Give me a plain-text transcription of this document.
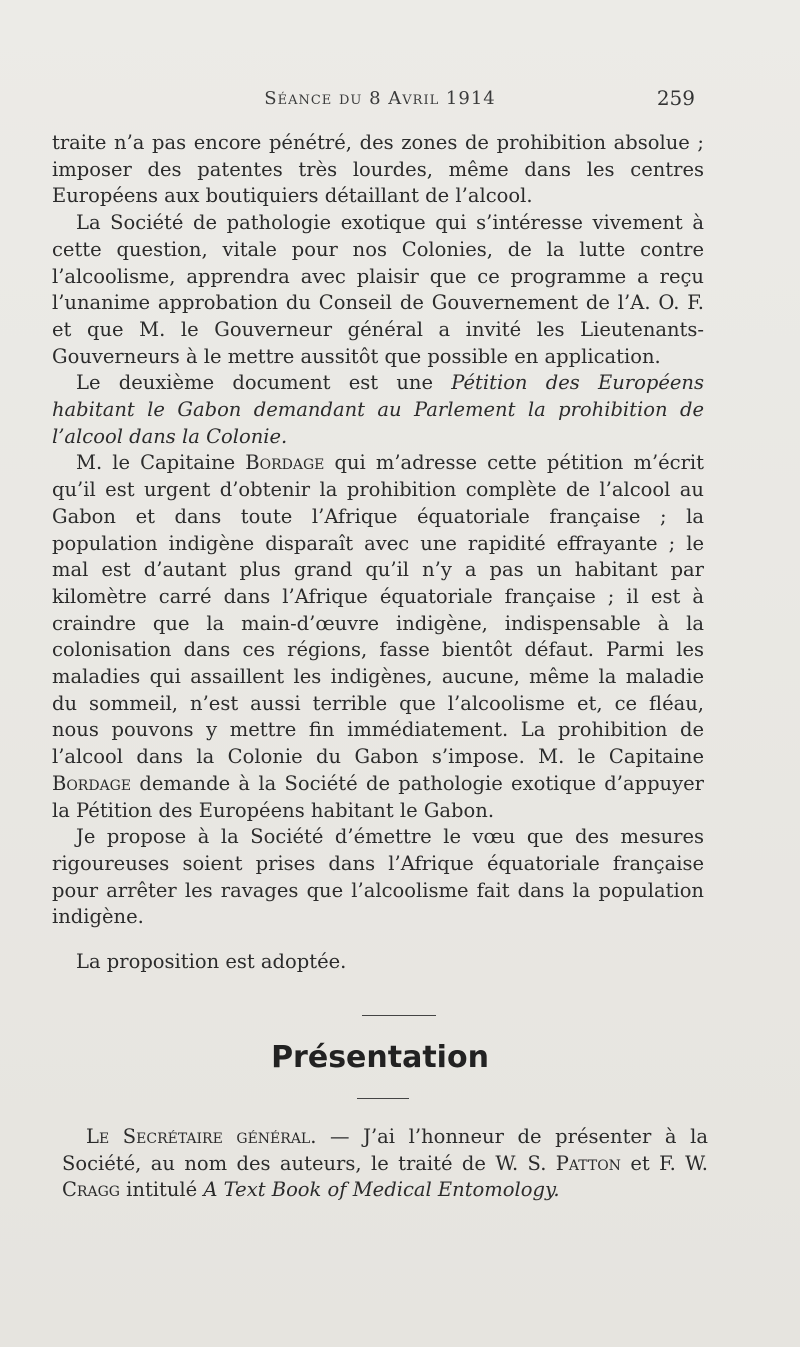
Séance du 8 Avril 1914	259

traite n’a pas encore pénétré, des zones de prohibition absolue ; imposer des patentes très lourdes, même dans les centres Européens aux boutiquiers détaillant de l’alcool.

La Société de pathologie exotique qui s’intéresse vivement à cette question, vitale pour nos Colonies, de la lutte contre l’alcoolisme, apprendra avec plaisir que ce programme a reçu l’unanime approbation du Conseil de Gouvernement de l’A. O. F. et que M. le Gouverneur général a invité les Lieutenants-Gouverneurs à le mettre aussitôt que possible en application.

Le deuxième document est une Pétition des Européens habitant le Gabon demandant au Parlement la prohibition de l’alcool dans la Colonie.

M. le Capitaine Bordage qui m’adresse cette pétition m’écrit qu’il est urgent d’obtenir la prohibition complète de l’alcool au Gabon et dans toute l’Afrique équatoriale française ; la population indigène disparaît avec une rapidité effrayante ; le mal est d’autant plus grand qu’il n’y a pas un habitant par kilomètre carré dans l’Afrique équatoriale française ; il est à craindre que la main-d’œuvre indigène, indispensable à la colonisation dans ces régions, fasse bientôt défaut. Parmi les maladies qui assaillent les indigènes, aucune, même la maladie du sommeil, n’est aussi terrible que l’alcoolisme et, ce fléau, nous pouvons y mettre fin immédiatement. La prohibition de l’alcool dans la Colonie du Gabon s’impose. M. le Capitaine Bordage demande à la Société de pathologie exotique d’appuyer la Pétition des Européens habitant le Gabon.

Je propose à la Société d’émettre le vœu que des mesures rigoureuses soient prises dans l’Afrique équatoriale française pour arrêter les ravages que l’alcoolisme fait dans la population indigène.

La proposition est adoptée.

Présentation

Le Secrétaire général. — J’ai l’honneur de présenter à la Société, au nom des auteurs, le traité de W. S. Patton et F. W. Cragg intitulé A Text Book of Medical Entomology.
